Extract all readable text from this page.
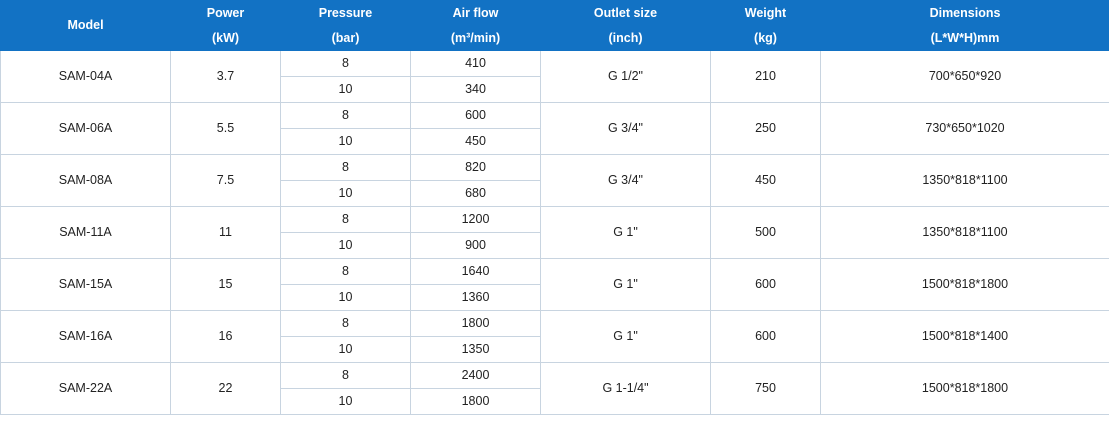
Model	Power	Pressure	Air flow	Outlet size	Weight	Dimensions
	(kW)	(bar)	(m³/min)	(inch)	(kg)	(L*W*H)mm
SAM-04A	3.7	8	410	G 1/2"	210	700*650*920
		10	340			
SAM-06A	5.5	8	600	G 3/4"	250	730*650*1020
		10	450			
SAM-08A	7.5	8	820	G 3/4"	450	1350*818*1100
		10	680			
SAM-11A	11	8	1200	G 1"	500	1350*818*1100
		10	900			
SAM-15A	15	8	1640	G 1"	600	1500*818*1800
		10	1360			
SAM-16A	16	8	1800	G 1"	600	1500*818*1400
		10	1350			
SAM-22A	22	8	2400	G 1-1/4"	750	1500*818*1800
		10	1800			
